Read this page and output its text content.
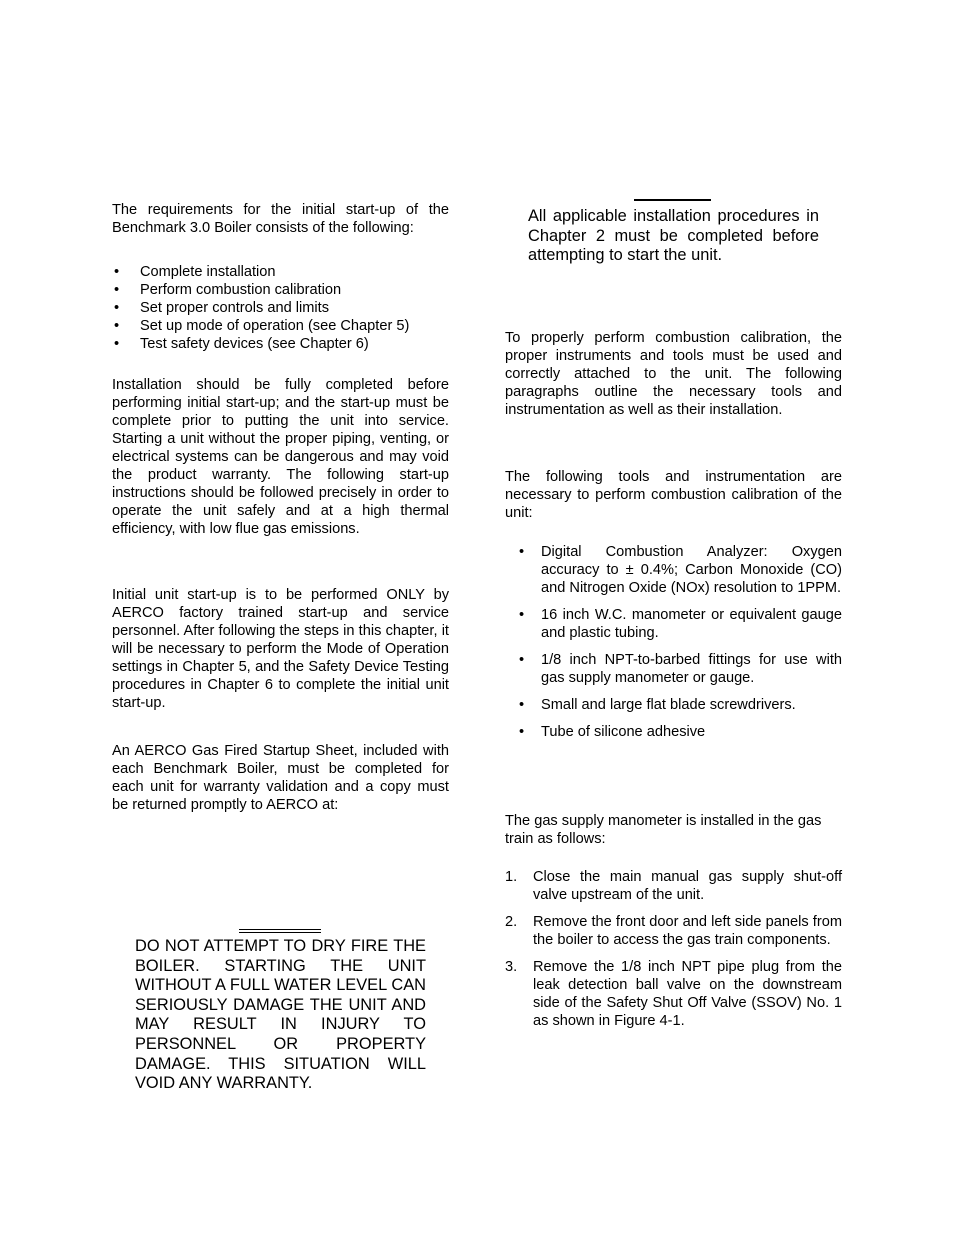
The requirements for the initial start-up of the Benchmark 3.0 Boiler consists of the following:

• Complete installation
• Perform combustion calibration
• Set proper controls and limits
• Set up mode of operation (see Chapter 5)
• Test safety devices (see Chapter 6)

Installation should be fully completed before performing initial start-up; and the start-up must be complete prior to putting the unit into service. Starting a unit without the proper piping, venting, or electrical systems can be dangerous and may void the product warranty. The following start-up instructions should be followed precisely in order to operate the unit safely and at a high thermal efficiency, with low flue gas emissions.

Initial unit start-up is to be performed ONLY by AERCO factory trained start-up and service personnel. After following the steps in this chapter, it will be necessary to perform the Mode of Operation settings in Chapter 5, and the Safety Device Testing procedures in Chapter 6 to complete the initial unit start-up.

An AERCO Gas Fired Startup Sheet, included with each Benchmark Boiler, must be completed for each unit for warranty validation and a copy must be returned promptly to AERCO at:

DO NOT ATTEMPT TO DRY FIRE THE BOILER. STARTING THE UNIT WITHOUT A FULL WATER LEVEL CAN SERIOUSLY DAMAGE THE UNIT AND MAY RESULT IN INJURY TO PERSONNEL OR PROPERTY DAMAGE. THIS SITUATION WILL VOID ANY WARRANTY.

All applicable installation procedures in Chapter 2 must be completed before attempting to start the unit.

To properly perform combustion calibration, the proper instruments and tools must be used and correctly attached to the unit. The following paragraphs outline the necessary tools and instrumentation as well as their installation.

The following tools and instrumentation are necessary to perform combustion calibration of the unit:

• Digital Combustion Analyzer: Oxygen accuracy to ± 0.4%; Carbon Monoxide (CO) and Nitrogen Oxide (NOx) resolution to 1PPM.
• 16 inch W.C. manometer or equivalent gauge and plastic tubing.
• 1/8 inch NPT-to-barbed fittings for use with gas supply manometer or gauge.
• Small and large flat blade screwdrivers.
• Tube of silicone adhesive

The gas supply manometer is installed in the gas train as follows:

1. Close the main manual gas supply shut-off valve upstream of the unit.
2. Remove the front door and left side panels from the boiler to access the gas train components.
3. Remove the 1/8 inch NPT pipe plug from the leak detection ball valve on the downstream side of the Safety Shut Off Valve (SSOV) No. 1 as shown in Figure 4-1.
